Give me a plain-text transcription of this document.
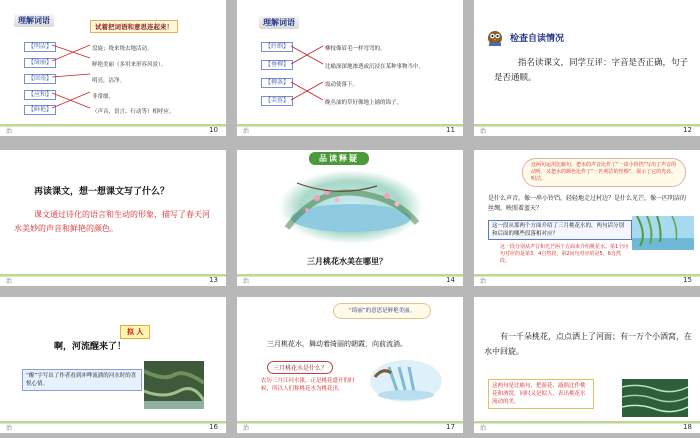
理解词语
试着把词语和意思连起来！
【明洁】
【绮丽】
【回荡】
【应和】
【鲜艳】
盘旋；绕来绕去地活动。
鲜艳美丽（多用来形容风景）。
明亮，洁净。
非常细。
（声音、语言、行动等）相呼应。
治	10
理解词语
【纤细】
【垂柳】
【柳条】
【芙蓉】
柳枝像眉毛一样弯弯的。
比喻深深地渗透或沉浸在某种事物当中。
震动使落下。
晚丛油的草好像地上铺的锦子。
治	11
检查自读情况
指名读课文，同学互评：字音是否正确，句子是否通顺。
治	12
再读课文，想一想课文写了什么？
课文通过诗化的语言和生动的形象，描写了春天河水美妙的声音和鲜艳的颜色。
治	13
品读释疑
三月桃花水美在哪里？
治	14
这两句运用比喻句，把水的声音比作了“一串小铃铛”写出了声音的动听，又把水的颜色比作了“一匹明洁的丝绸”，展示了它的光亮、明洁。
是什么声音，像一串小铃铛，轻轻地走过村边？是什么光芒，像一匹明洁的丝绸，映照着蓝天？
这一段从那两个方面介绍了三月桃花水的，两句话分别和后面的哪些段落相对应？
这一段分别从声音和光芒两个方面来介绍桃花水。第1个问句对应的是第3、4自然段，第2问句对应的是5、6自然段。
治	15
啊，河流醒来了！
拟 人
“醒”字写出了作者看到冲哗流淌的河水时的喜悦心情。
治	16
“绮丽”的意思是鲜艳美丽。
三月桃花水，舞动着绮丽的朝霞，向前流淌。
三月桃花水是什么？
农历三月江河水涨，正是桃花盛开的时候，所以人们称桃花水为桃花汛。
治	17
有一千朵桃花，点点洒上了河面；有一万个小酒窝，在水中回旋。
这两句是比喻句，把游花、漩涡比作桃花和酒窝，同时又是拟人，表出桃花水流动的美。
治	18
